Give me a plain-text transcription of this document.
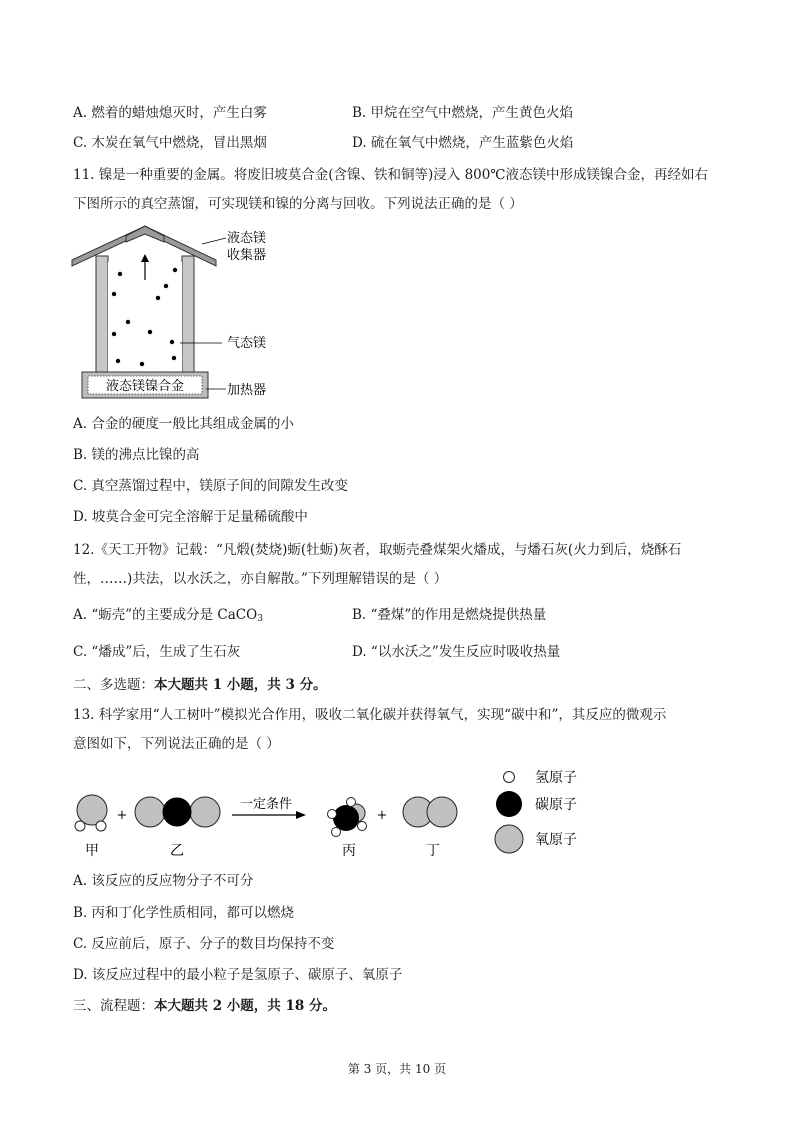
A. 燃着的蜡烛熄灭时，产生白雾	B. 甲烷在空气中燃烧，产生黄色火焰
C. 木炭在氧气中燃烧，冒出黑烟	D. 硫在氧气中燃烧，产生蓝紫色火焰
11. 镍是一种重要的金属。将废旧坡莫合金(含镍、铁和铜等)浸入 800℃液态镁中形成镁镍合金，再经如右
下图所示的真空蒸馏，可实现镁和镍的分离与回收。下列说法正确的是（ ）
液态镁镍合金
液态镁
收集器
气态镁
加热器
A. 合金的硬度一般比其组成金属的小
B. 镁的沸点比镍的高
C. 真空蒸馏过程中，镁原子间的间隙发生改变
D. 坡莫合金可完全溶解于足量稀硫酸中
12.《天工开物》记载：“凡煅(焚烧)蛎(牡蛎)灰者，取蛎壳叠煤架火燔成，与燔石灰(火力到后，烧酥石
性，……)共法，以水沃之，亦自解散。”下列理解错误的是（ ）
A. “蛎壳”的主要成分是 CaCO$_3$	B. “叠煤”的作用是燃烧提供热量
C. “燔成”后，生成了生石灰	D. “以水沃之”发生反应时吸收热量
二、多选题：本大题共 1 小题，共 3 分。
13. 科学家用“人工树叶”模拟光合作用，吸收二氧化碳并获得氧气，实现“碳中和”，其反应的微观示
意图如下，下列说法正确的是（ ）
甲
+
乙
一定条件
丙
+
丁
氢原子
碳原子
氧原子
A. 该反应的反应物分子不可分
B. 丙和丁化学性质相同，都可以燃烧
C. 反应前后，原子、分子的数目均保持不变
D. 该反应过程中的最小粒子是氢原子、碳原子、氧原子
三、流程题：本大题共 2 小题，共 18 分。
第 3 页，共 10 页
